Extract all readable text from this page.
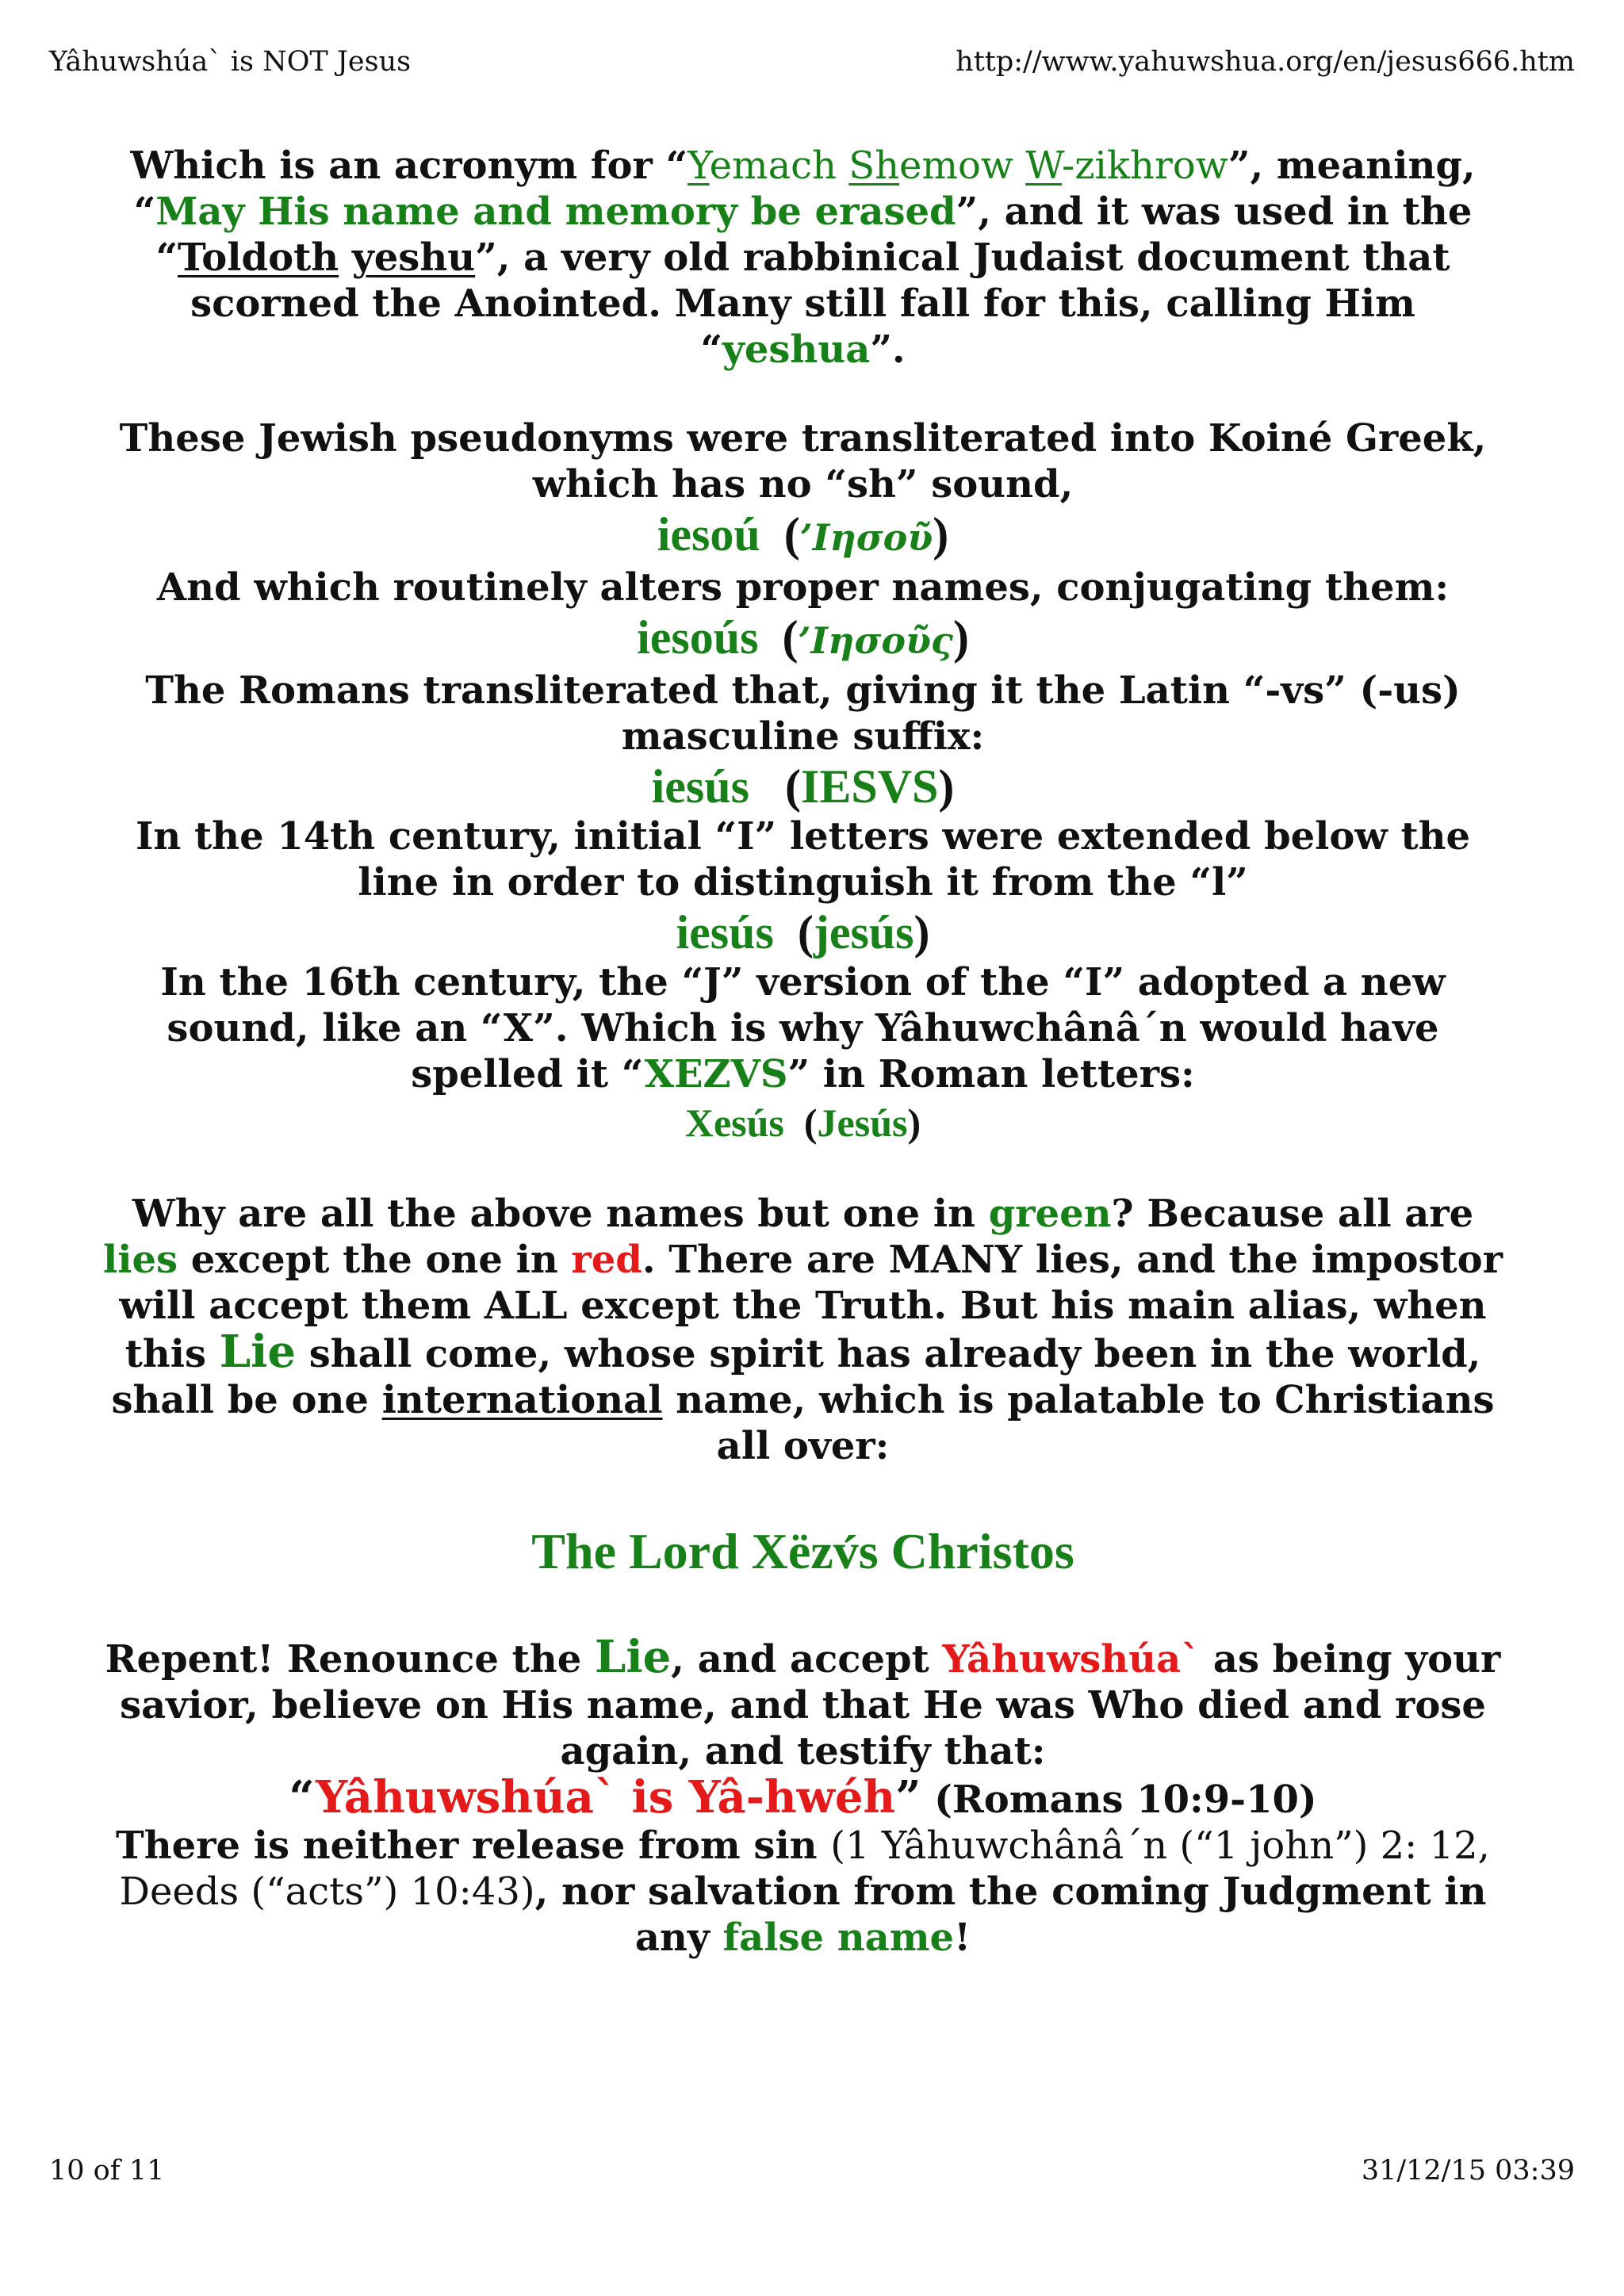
Yâhuwshúa` is NOT Jesus	http://www.yahuwshua.org/en/jesus666.htm

Which is an acronym for “Yemach Shemow W-zikhrow”, meaning, “May His name and memory be erased”, and it was used in the “Toldoth yeshu”, a very old rabbinical Judaist document that scorned the Anointed. Many still fall for this, calling Him “yeshua”.

These Jewish pseudonyms were transliterated into Koiné Greek, which has no “sh” sound,

iesoú (’Ιησοῦ)

And which routinely alters proper names, conjugating them:

iesoús (’Ιησοῦς)

The Romans transliterated that, giving it the Latin “-vs” (-us) masculine suffix:

iesús (IESVS)

In the 14th century, initial “I” letters were extended below the line in order to distinguish it from the “l”

iesús (jesús)

In the 16th century, the “J” version of the “I” adopted a new sound, like an “X”. Which is why Yâhuwchânâ´n would have spelled it “XEZVS” in Roman letters:

Xesús (Jesús)

Why are all the above names but one in green? Because all are lies except the one in red. There are MANY lies, and the impostor will accept them ALL except the Truth. But his main alias, when this Lie shall come, whose spirit has already been in the world, shall be one international name, which is palatable to Christians all over:

The Lord Xëzv́s Christos

Repent! Renounce the Lie, and accept Yâhuwshúa` as being your savior, believe on His name, and that He was Who died and rose again, and testify that:
“Yâhuwshúa` is Yâ-hwéh” (Romans 10:9-10)

There is neither release from sin (1 Yâhuwchânâ´n (“1 john”) 2: 12, Deeds (“acts”) 10:43), nor salvation from the coming Judgment in any false name!

10 of 11	31/12/15 03:39
